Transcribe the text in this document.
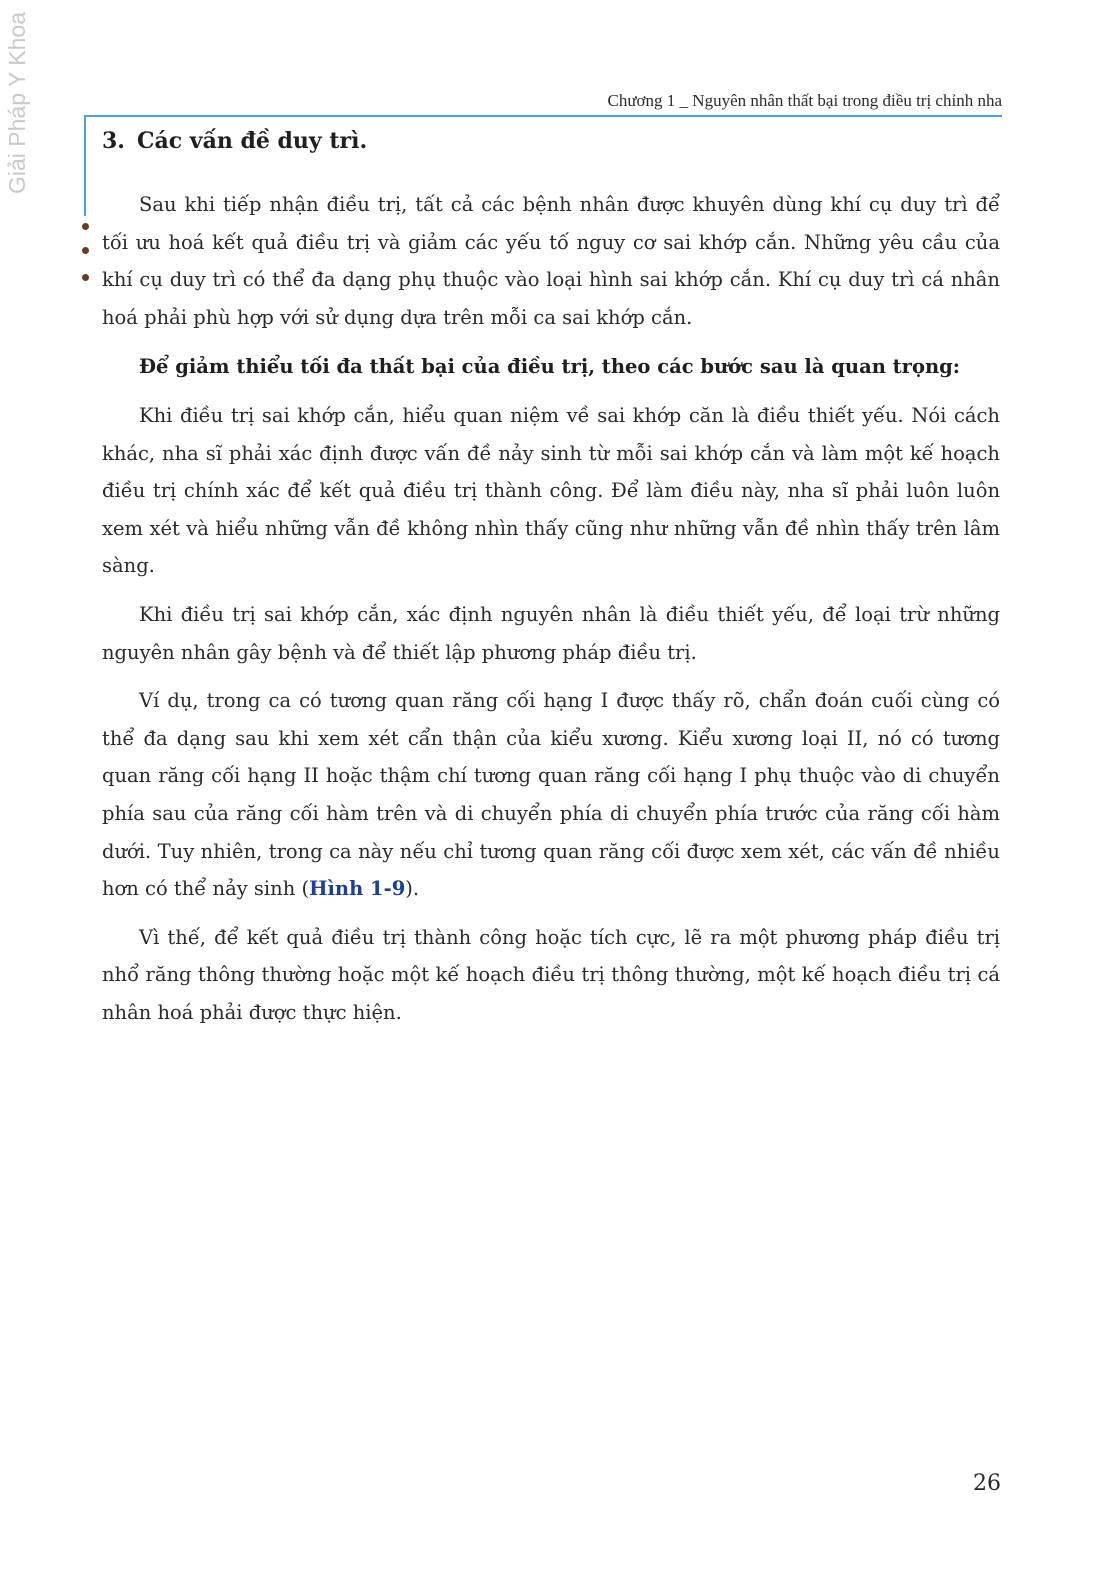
Giải Pháp Y Khoa	Chương 1 _ Nguyên nhân thất bại trong điều trị chỉnh nha
3. Các vấn đề duy trì.

Sau khi tiếp nhận điều trị, tất cả các bệnh nhân được khuyên dùng khí cụ duy trì để tối ưu hoá kết quả điều trị và giảm các yếu tố nguy cơ sai khớp cắn. Những yêu cầu của khí cụ duy trì có thể đa dạng phụ thuộc vào loại hình sai khớp cắn. Khí cụ duy trì cá nhân hoá phải phù hợp với sử dụng dựa trên mỗi ca sai khớp cắn.

Để giảm thiểu tối đa thất bại của điều trị, theo các bước sau là quan trọng:

Khi điều trị sai khớp cắn, hiểu quan niệm về sai khớp căn là điều thiết yếu. Nói cách khác, nha sĩ phải xác định được vấn đề nảy sinh từ mỗi sai khớp cắn và làm một kế hoạch điều trị chính xác để kết quả điều trị thành công. Để làm điều này, nha sĩ phải luôn luôn xem xét và hiểu những vẫn đề không nhìn thấy cũng như những vẫn đề nhìn thấy trên lâm sàng.

Khi điều trị sai khớp cắn, xác định nguyên nhân là điều thiết yếu, để loại trừ những nguyên nhân gây bệnh và để thiết lập phương pháp điều trị.

Ví dụ, trong ca có tương quan răng cối hạng I được thấy rõ, chẩn đoán cuối cùng có thể đa dạng sau khi xem xét cẩn thận của kiểu xương. Kiểu xương loại II, nó có tương quan răng cối hạng II hoặc thậm chí tương quan răng cối hạng I phụ thuộc vào di chuyển phía sau của răng cối hàm trên và di chuyển phía di chuyển phía trước của răng cối hàm dưới. Tuy nhiên, trong ca này nếu chỉ tương quan răng cối được xem xét, các vấn đề nhiều hơn có thể nảy sinh (Hình 1-9).

Vì thế, để kết quả điều trị thành công hoặc tích cực, lẽ ra một phương pháp điều trị nhổ răng thông thường hoặc một kế hoạch điều trị thông thường, một kế hoạch điều trị cá nhân hoá phải được thực hiện.

26
